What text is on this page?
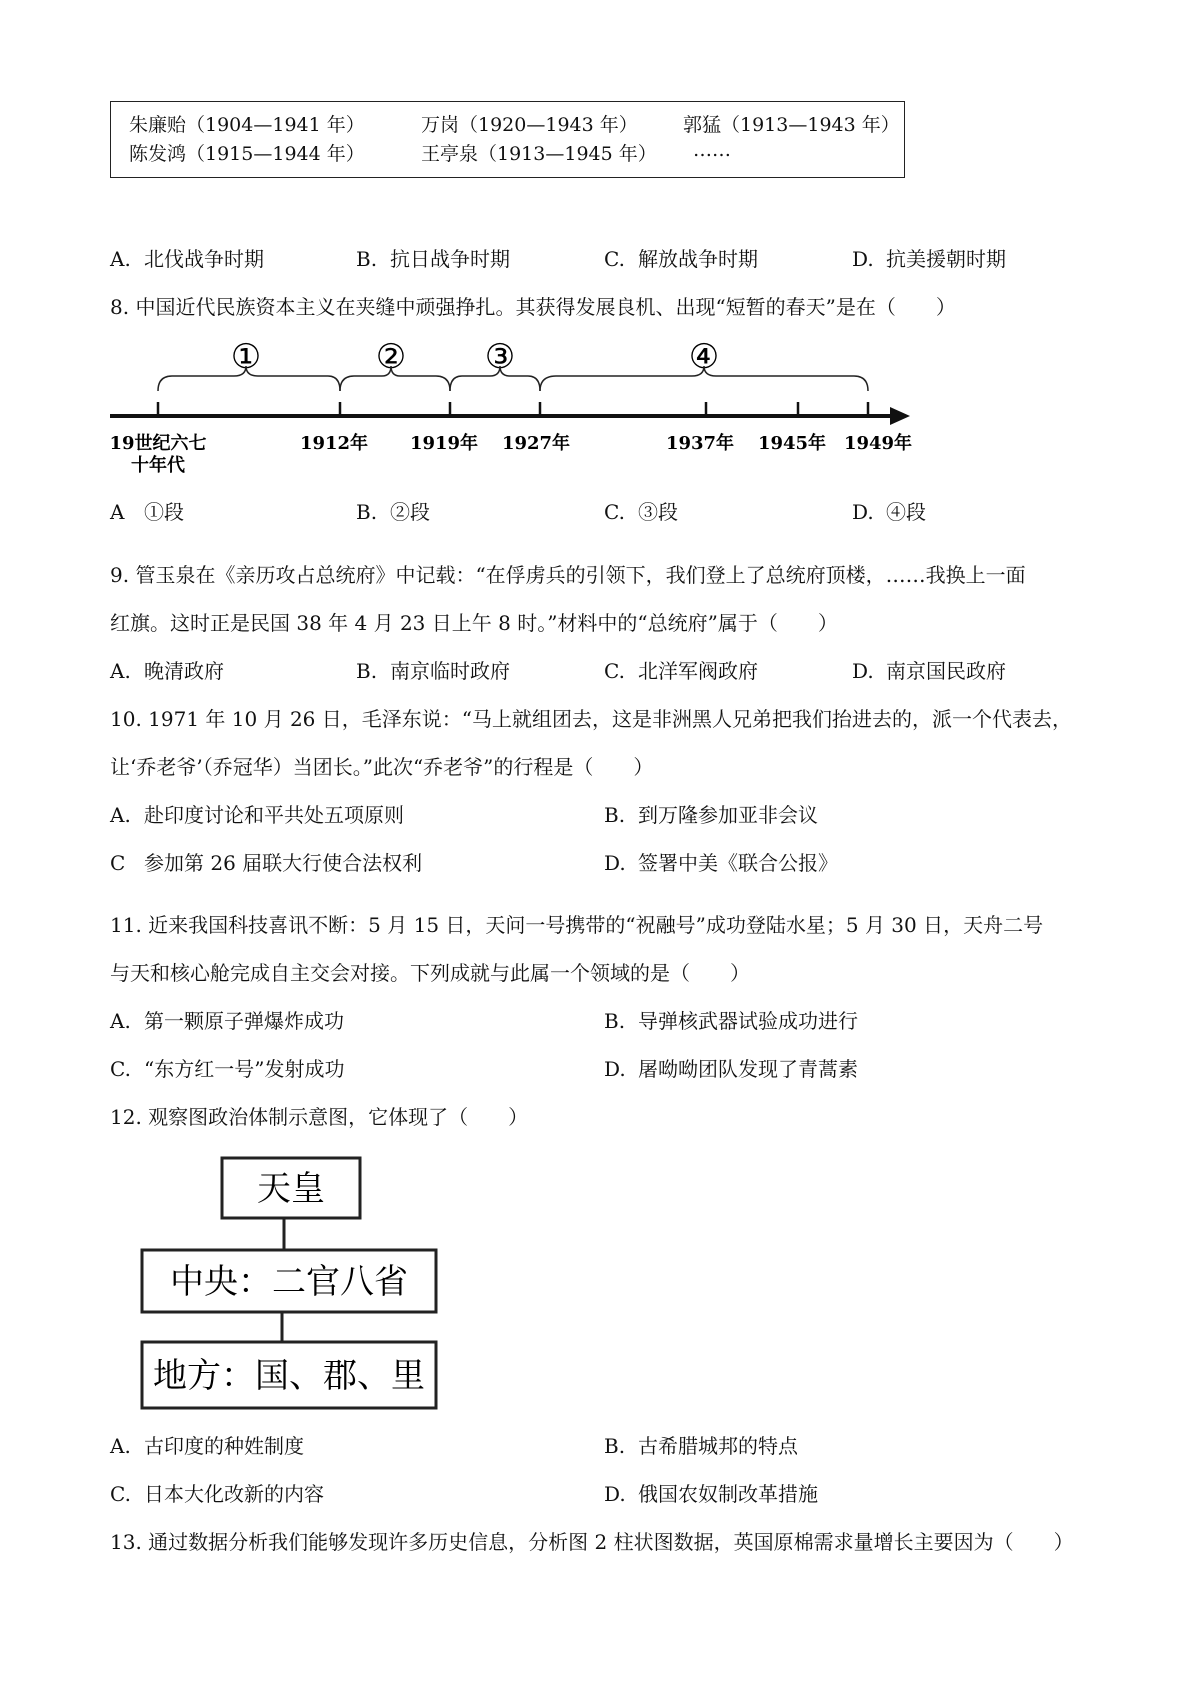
朱廉贻（1904—1941 年）	万岗（1920—1943 年） 郭猛（1913—1943 年）
陈发鸿（1915—1944 年）	王亭泉（1913—1945 年） ……
A. 北伐战争时期	B. 抗日战争时期	C. 解放战争时期	D. 抗美援朝时期
8. 中国近代民族资本主义在夹缝中顽强挣扎。其获得发展良机、出现“短暂的春天”是在（　　）
①	② ③	④
19世纪六七
十年代
1912年 1919年 1927年	1937年 1945年 1949年
A ①段	B. ②段	C. ③段	D. ④段
9. 管玉泉在《亲历攻占总统府》中记载：“在俘虏兵的引领下，我们登上了总统府顶楼，……我换上一面
红旗。这时正是民国 38 年 4 月 23 日上午 8 时。”材料中的“总统府”属于（　　）
A. 晚清政府	B. 南京临时政府	C. 北洋军阀政府	D. 南京国民政府
10. 1971 年 10 月 26 日，毛泽东说：“马上就组团去，这是非洲黑人兄弟把我们抬进去的，派一个代表去，
让‘乔老爷’（乔冠华）当团长。”此次“乔老爷”的行程是（　　）
A. 赴印度讨论和平共处五项原则	B. 到万隆参加亚非会议
C 参加第 26 届联大行使合法权利	D. 签署中美《联合公报》
11. 近来我国科技喜讯不断：5 月 15 日，天问一号携带的“祝融号”成功登陆水星；5 月 30 日，天舟二号
与天和核心舱完成自主交会对接。下列成就与此属一个领域的是（　　）
A. 第一颗原子弹爆炸成功	B. 导弹核武器试验成功进行
C. “东方红一号”发射成功	D. 屠呦呦团队发现了青蒿素
12. 观察图政治体制示意图，它体现了（　　）
天皇
中央：二官八省
地方：国、郡、里
A. 古印度的种姓制度	B. 古希腊城邦的特点
C. 日本大化改新的内容	D. 俄国农奴制改革措施
13. 通过数据分析我们能够发现许多历史信息，分析图 2 柱状图数据，英国原棉需求量增长主要因为（　　）
